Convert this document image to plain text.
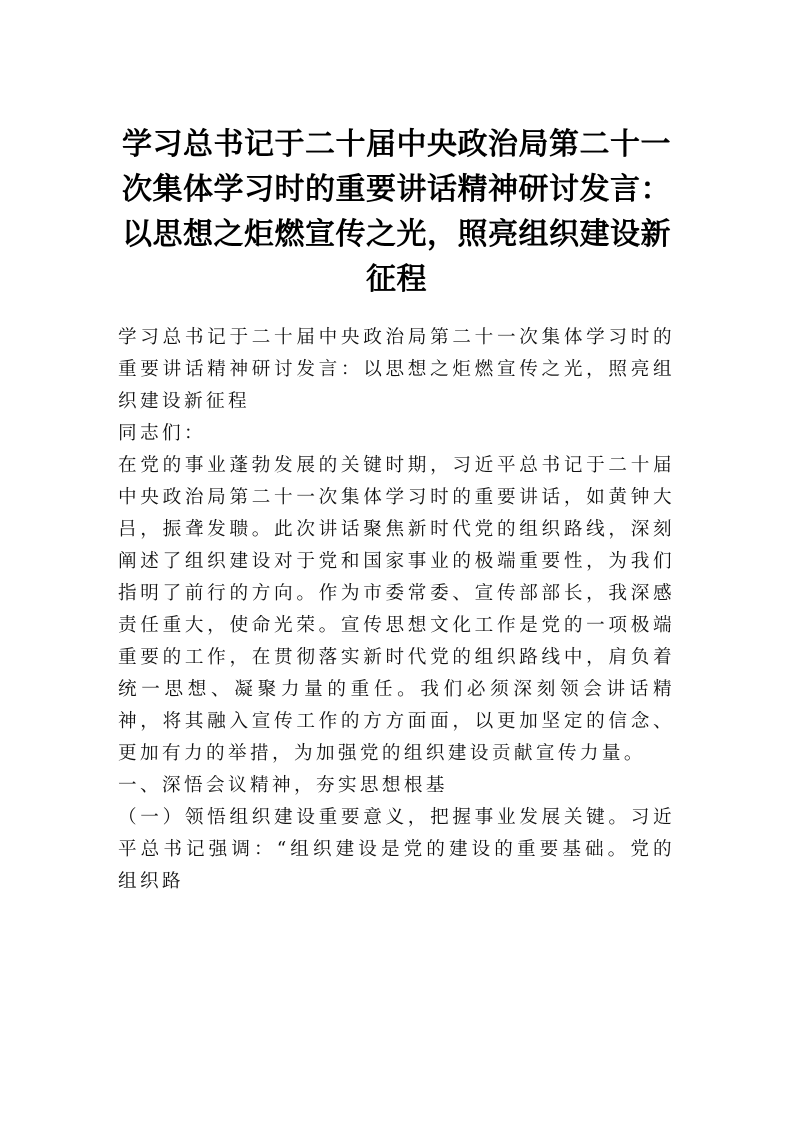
学习总书记于二十届中央政治局第二十一次集体学习时的重要讲话精神研讨发言：以思想之炬燃宣传之光，照亮组织建设新征程

学习总书记于二十届中央政治局第二十一次集体学习时的重要讲话精神研讨发言：以思想之炬燃宣传之光，照亮组织建设新征程

同志们：

在党的事业蓬勃发展的关键时期，习近平总书记于二十届中央政治局第二十一次集体学习时的重要讲话，如黄钟大吕，振聋发聩。此次讲话聚焦新时代党的组织路线，深刻阐述了组织建设对于党和国家事业的极端重要性，为我们指明了前行的方向。作为市委常委、宣传部部长，我深感责任重大，使命光荣。宣传思想文化工作是党的一项极端重要的工作，在贯彻落实新时代党的组织路线中，肩负着统一思想、凝聚力量的重任。我们必须深刻领会讲话精神，将其融入宣传工作的方方面面，以更加坚定的信念、更加有力的举措，为加强党的组织建设贡献宣传力量。

一、深悟会议精神，夯实思想根基

（一）领悟组织建设重要意义，把握事业发展关键。习近平总书记强调：“组织建设是党的建设的重要基础。党的组织路
